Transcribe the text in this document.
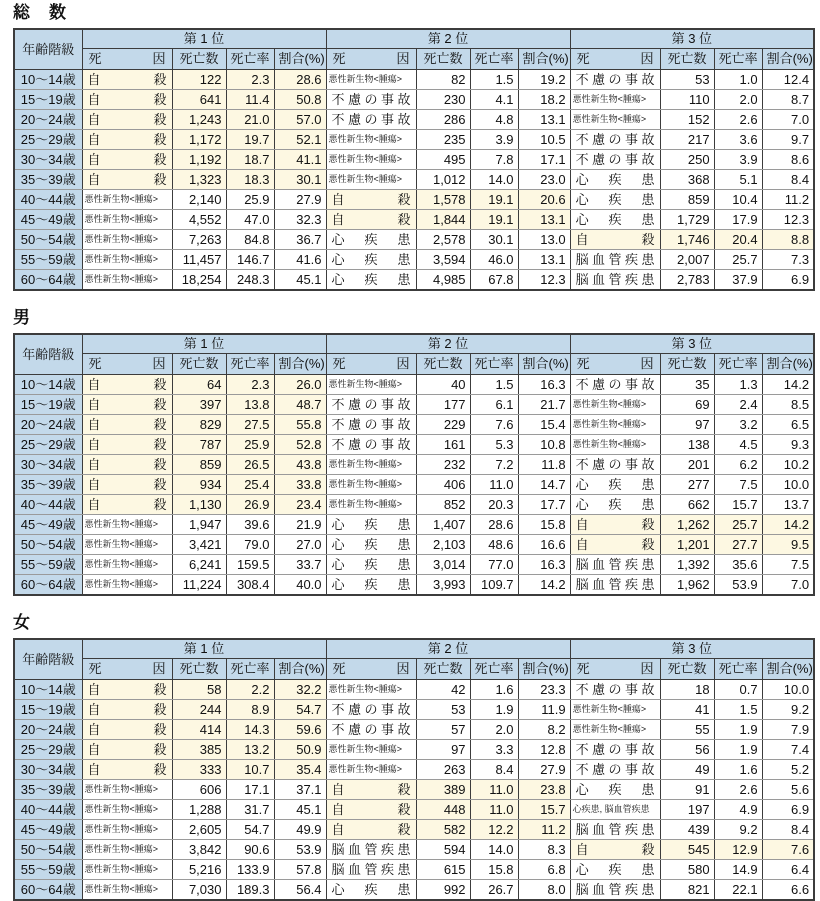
総　数
年齢階級	第 1 位				第 2 位				第 3 位			

	死 因	死亡数	死亡率	割合(%)	死 因	死亡数	死亡率	割合(%)	死 因	死亡数	死亡率	割合(%)
10〜14歳	自 殺	122	2.3	28.6	悪性新生物<腫瘍>	82	1.5	19.2	不 慮 の 事 故	53	1.0	12.4
15〜19歳	自 殺	641	11.4	50.8	不 慮 の 事 故	230	4.1	18.2	悪性新生物<腫瘍>	110	2.0	8.7
20〜24歳	自 殺	1,243	21.0	57.0	不 慮 の 事 故	286	4.8	13.1	悪性新生物<腫瘍>	152	2.6	7.0
25〜29歳	自 殺	1,172	19.7	52.1	悪性新生物<腫瘍>	235	3.9	10.5	不 慮 の 事 故	217	3.6	9.7
30〜34歳	自 殺	1,192	18.7	41.1	悪性新生物<腫瘍>	495	7.8	17.1	不 慮 の 事 故	250	3.9	8.6
35〜39歳	自 殺	1,323	18.3	30.1	悪性新生物<腫瘍>	1,012	14.0	23.0	心 疾 患	368	5.1	8.4
40〜44歳	悪性新生物<腫瘍>	2,140	25.9	27.9	自 殺	1,578	19.1	20.6	心 疾 患	859	10.4	11.2
45〜49歳	悪性新生物<腫瘍>	4,552	47.0	32.3	自 殺	1,844	19.1	13.1	心 疾 患	1,729	17.9	12.3
50〜54歳	悪性新生物<腫瘍>	7,263	84.8	36.7	心 疾 患	2,578	30.1	13.0	自 殺	1,746	20.4	8.8
55〜59歳	悪性新生物<腫瘍>	11,457	146.7	41.6	心 疾 患	3,594	46.0	13.1	脳 血 管 疾 患	2,007	25.7	7.3
60〜64歳	悪性新生物<腫瘍>	18,254	248.3	45.1	心 疾 患	4,985	67.8	12.3	脳 血 管 疾 患	2,783	37.9	6.9
男
年齢階級	第 1 位				第 2 位				第 3 位			

	死 因	死亡数	死亡率	割合(%)	死 因	死亡数	死亡率	割合(%)	死 因	死亡数	死亡率	割合(%)
10〜14歳	自 殺	64	2.3	26.0	悪性新生物<腫瘍>	40	1.5	16.3	不 慮 の 事 故	35	1.3	14.2
15〜19歳	自 殺	397	13.8	48.7	不 慮 の 事 故	177	6.1	21.7	悪性新生物<腫瘍>	69	2.4	8.5
20〜24歳	自 殺	829	27.5	55.8	不 慮 の 事 故	229	7.6	15.4	悪性新生物<腫瘍>	97	3.2	6.5
25〜29歳	自 殺	787	25.9	52.8	不 慮 の 事 故	161	5.3	10.8	悪性新生物<腫瘍>	138	4.5	9.3
30〜34歳	自 殺	859	26.5	43.8	悪性新生物<腫瘍>	232	7.2	11.8	不 慮 の 事 故	201	6.2	10.2
35〜39歳	自 殺	934	25.4	33.8	悪性新生物<腫瘍>	406	11.0	14.7	心 疾 患	277	7.5	10.0
40〜44歳	自 殺	1,130	26.9	23.4	悪性新生物<腫瘍>	852	20.3	17.7	心 疾 患	662	15.7	13.7
45〜49歳	悪性新生物<腫瘍>	1,947	39.6	21.9	心 疾 患	1,407	28.6	15.8	自 殺	1,262	25.7	14.2
50〜54歳	悪性新生物<腫瘍>	3,421	79.0	27.0	心 疾 患	2,103	48.6	16.6	自 殺	1,201	27.7	9.5
55〜59歳	悪性新生物<腫瘍>	6,241	159.5	33.7	心 疾 患	3,014	77.0	16.3	脳 血 管 疾 患	1,392	35.6	7.5
60〜64歳	悪性新生物<腫瘍>	11,224	308.4	40.0	心 疾 患	3,993	109.7	14.2	脳 血 管 疾 患	1,962	53.9	7.0
女
年齢階級	第 1 位				第 2 位				第 3 位			

	死 因	死亡数	死亡率	割合(%)	死 因	死亡数	死亡率	割合(%)	死 因	死亡数	死亡率	割合(%)
10〜14歳	自 殺	58	2.2	32.2	悪性新生物<腫瘍>	42	1.6	23.3	不 慮 の 事 故	18	0.7	10.0
15〜19歳	自 殺	244	8.9	54.7	不 慮 の 事 故	53	1.9	11.9	悪性新生物<腫瘍>	41	1.5	9.2
20〜24歳	自 殺	414	14.3	59.6	不 慮 の 事 故	57	2.0	8.2	悪性新生物<腫瘍>	55	1.9	7.9
25〜29歳	自 殺	385	13.2	50.9	悪性新生物<腫瘍>	97	3.3	12.8	不 慮 の 事 故	56	1.9	7.4
30〜34歳	自 殺	333	10.7	35.4	悪性新生物<腫瘍>	263	8.4	27.9	不 慮 の 事 故	49	1.6	5.2
35〜39歳	悪性新生物<腫瘍>	606	17.1	37.1	自 殺	389	11.0	23.8	心 疾 患	91	2.6	5.6
40〜44歳	悪性新生物<腫瘍>	1,288	31.7	45.1	自 殺	448	11.0	15.7	心疾患, 脳血管疾患	197	4.9	6.9
45〜49歳	悪性新生物<腫瘍>	2,605	54.7	49.9	自 殺	582	12.2	11.2	脳 血 管 疾 患	439	9.2	8.4
50〜54歳	悪性新生物<腫瘍>	3,842	90.6	53.9	脳 血 管 疾 患	594	14.0	8.3	自 殺	545	12.9	7.6
55〜59歳	悪性新生物<腫瘍>	5,216	133.9	57.8	脳 血 管 疾 患	615	15.8	6.8	心 疾 患	580	14.9	6.4
60〜64歳	悪性新生物<腫瘍>	7,030	189.3	56.4	心 疾 患	992	26.7	8.0	脳 血 管 疾 患	821	22.1	6.6
